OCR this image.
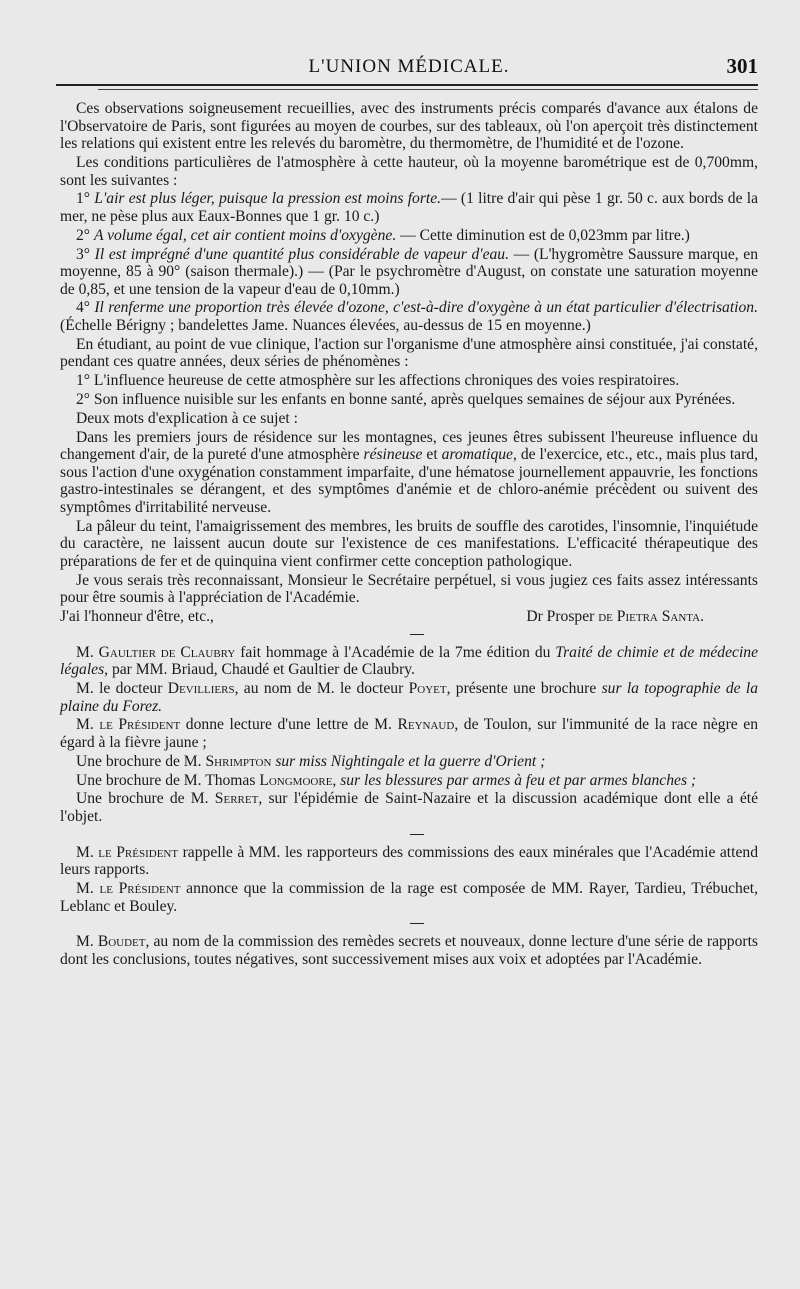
L'UNION MÉDICALE.	301

Ces observations soigneusement recueillies, avec des instruments précis comparés d'avance aux étalons de l'Observatoire de Paris, sont figurées au moyen de courbes, sur des tableaux, où l'on aperçoit très distinctement les relations qui existent entre les relevés du baromètre, du thermomètre, de l'humidité et de l'ozone.

Les conditions particulières de l'atmosphère à cette hauteur, où la moyenne barométrique est de 0,700mm, sont les suivantes :

1° L'air est plus léger, puisque la pression est moins forte.— (1 litre d'air qui pèse 1 gr. 50 c. aux bords de la mer, ne pèse plus aux Eaux-Bonnes que 1 gr. 10 c.)

2° A volume égal, cet air contient moins d'oxygène. — Cette diminution est de 0,023mm par litre.)

3° Il est imprégné d'une quantité plus considérable de vapeur d'eau. — (L'hygromètre Saussure marque, en moyenne, 85 à 90° (saison thermale).) — (Par le psychromètre d'August, on constate une saturation moyenne de 0,85, et une tension de la vapeur d'eau de 0,10mm.)

4° Il renferme une proportion très élevée d'ozone, c'est-à-dire d'oxygène à un état particulier d'électrisation. (Échelle Bérigny ; bandelettes Jame. Nuances élevées, au-dessus de 15 en moyenne.)

En étudiant, au point de vue clinique, l'action sur l'organisme d'une atmosphère ainsi constituée, j'ai constaté, pendant ces quatre années, deux séries de phénomènes :

1° L'influence heureuse de cette atmosphère sur les affections chroniques des voies respiratoires.

2° Son influence nuisible sur les enfants en bonne santé, après quelques semaines de séjour aux Pyrénées.

Deux mots d'explication à ce sujet :

Dans les premiers jours de résidence sur les montagnes, ces jeunes êtres subissent l'heureuse influence du changement d'air, de la pureté d'une atmosphère résineuse et aromatique, de l'exercice, etc., etc., mais plus tard, sous l'action d'une oxygénation constamment imparfaite, d'une hématose journellement appauvrie, les fonctions gastro-intestinales se dérangent, et des symptômes d'anémie et de chloro-anémie précèdent ou suivent des symptômes d'irritabilité nerveuse.

La pâleur du teint, l'amaigrissement des membres, les bruits de souffle des carotides, l'insomnie, l'inquiétude du caractère, ne laissent aucun doute sur l'existence de ces manifestations. L'efficacité thérapeutique des préparations de fer et de quinquina vient confirmer cette conception pathologique.

Je vous serais très reconnaissant, Monsieur le Secrétaire perpétuel, si vous jugiez ces faits assez intéressants pour être soumis à l'appréciation de l'Académie.

J'ai l'honneur d'être, etc.,	Dr Prosper de Pietra Santa.

M. Gaultier de Claubry fait hommage à l'Académie de la 7me édition du Traité de chimie et de médecine légales, par MM. Briaud, Chaudé et Gaultier de Claubry.

M. le docteur Devilliers, au nom de M. le docteur Poyet, présente une brochure sur la topographie de la plaine du Forez.

M. le Président donne lecture d'une lettre de M. Reynaud, de Toulon, sur l'immunité de la race nègre en égard à la fièvre jaune ;

Une brochure de M. Shrimpton sur miss Nightingale et la guerre d'Orient ;

Une brochure de M. Thomas Longmoore, sur les blessures par armes à feu et par armes blanches ;

Une brochure de M. Serret, sur l'épidémie de Saint-Nazaire et la discussion académique dont elle a été l'objet.

M. le Président rappelle à MM. les rapporteurs des commissions des eaux minérales que l'Académie attend leurs rapports.

M. le Président annonce que la commission de la rage est composée de MM. Rayer, Tardieu, Trébuchet, Leblanc et Bouley.

M. Boudet, au nom de la commission des remèdes secrets et nouveaux, donne lecture d'une série de rapports dont les conclusions, toutes négatives, sont successivement mises aux voix et adoptées par l'Académie.
